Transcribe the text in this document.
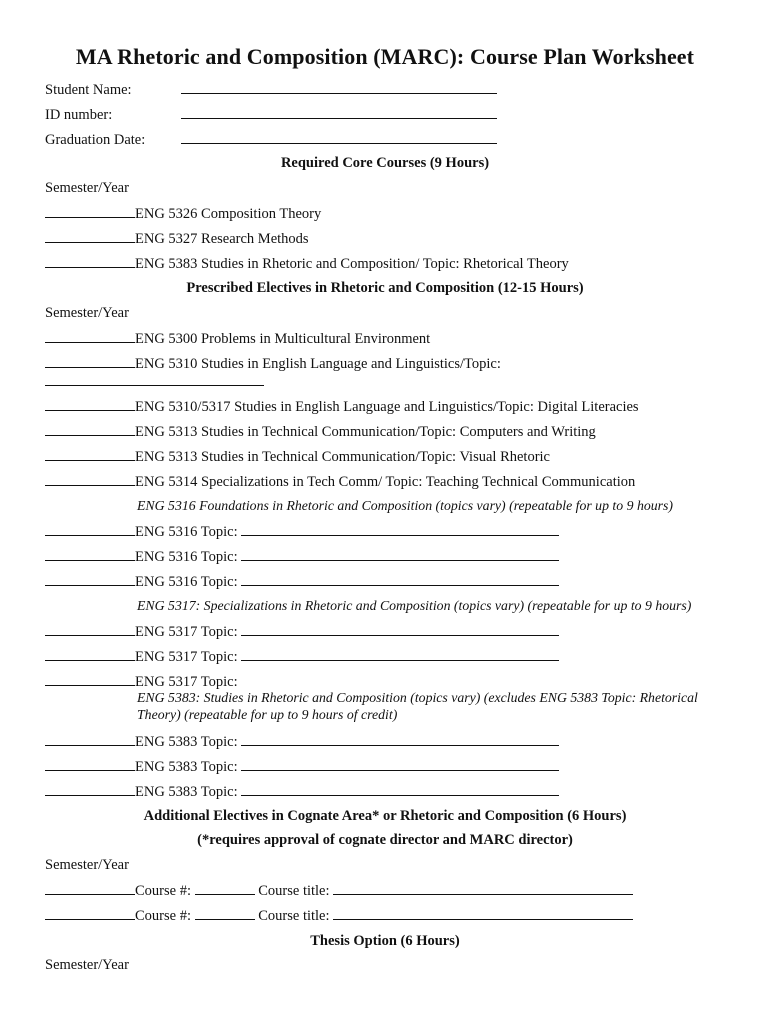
MA Rhetoric and Composition (MARC): Course Plan Worksheet
Student Name:
ID number:
Graduation Date:
Required Core Courses (9 Hours)
Semester/Year
ENG 5326 Composition Theory
ENG 5327 Research Methods
ENG 5383 Studies in Rhetoric and Composition/ Topic: Rhetorical Theory
Prescribed Electives in Rhetoric and Composition (12-15 Hours)
Semester/Year
ENG 5300 Problems in Multicultural Environment
ENG 5310 Studies in English Language and Linguistics/Topic:
ENG 5310/5317 Studies in English Language and Linguistics/Topic: Digital Literacies
ENG 5313 Studies in Technical Communication/Topic: Computers and Writing
ENG 5313 Studies in Technical Communication/Topic: Visual Rhetoric
ENG 5314 Specializations in Tech Comm/ Topic: Teaching Technical Communication
ENG 5316 Foundations in Rhetoric and Composition (topics vary) (repeatable for up to 9 hours)
ENG 5316 Topic:
ENG 5316 Topic:
ENG 5316 Topic:
ENG 5317: Specializations in Rhetoric and Composition (topics vary) (repeatable for up to 9 hours)
ENG 5317 Topic:
ENG 5317 Topic:
ENG 5317 Topic:
ENG 5383: Studies in Rhetoric and Composition (topics vary) (excludes ENG 5383 Topic: Rhetorical Theory) (repeatable for up to 9 hours of credit)
ENG 5383 Topic:
ENG 5383 Topic:
ENG 5383 Topic:
Additional Electives in Cognate Area* or Rhetoric and Composition (6 Hours)
(*requires approval of cognate director and MARC director)
Semester/Year
Course #:	Course title:
Course #:	Course title:
Thesis Option (6 Hours)
Semester/Year
